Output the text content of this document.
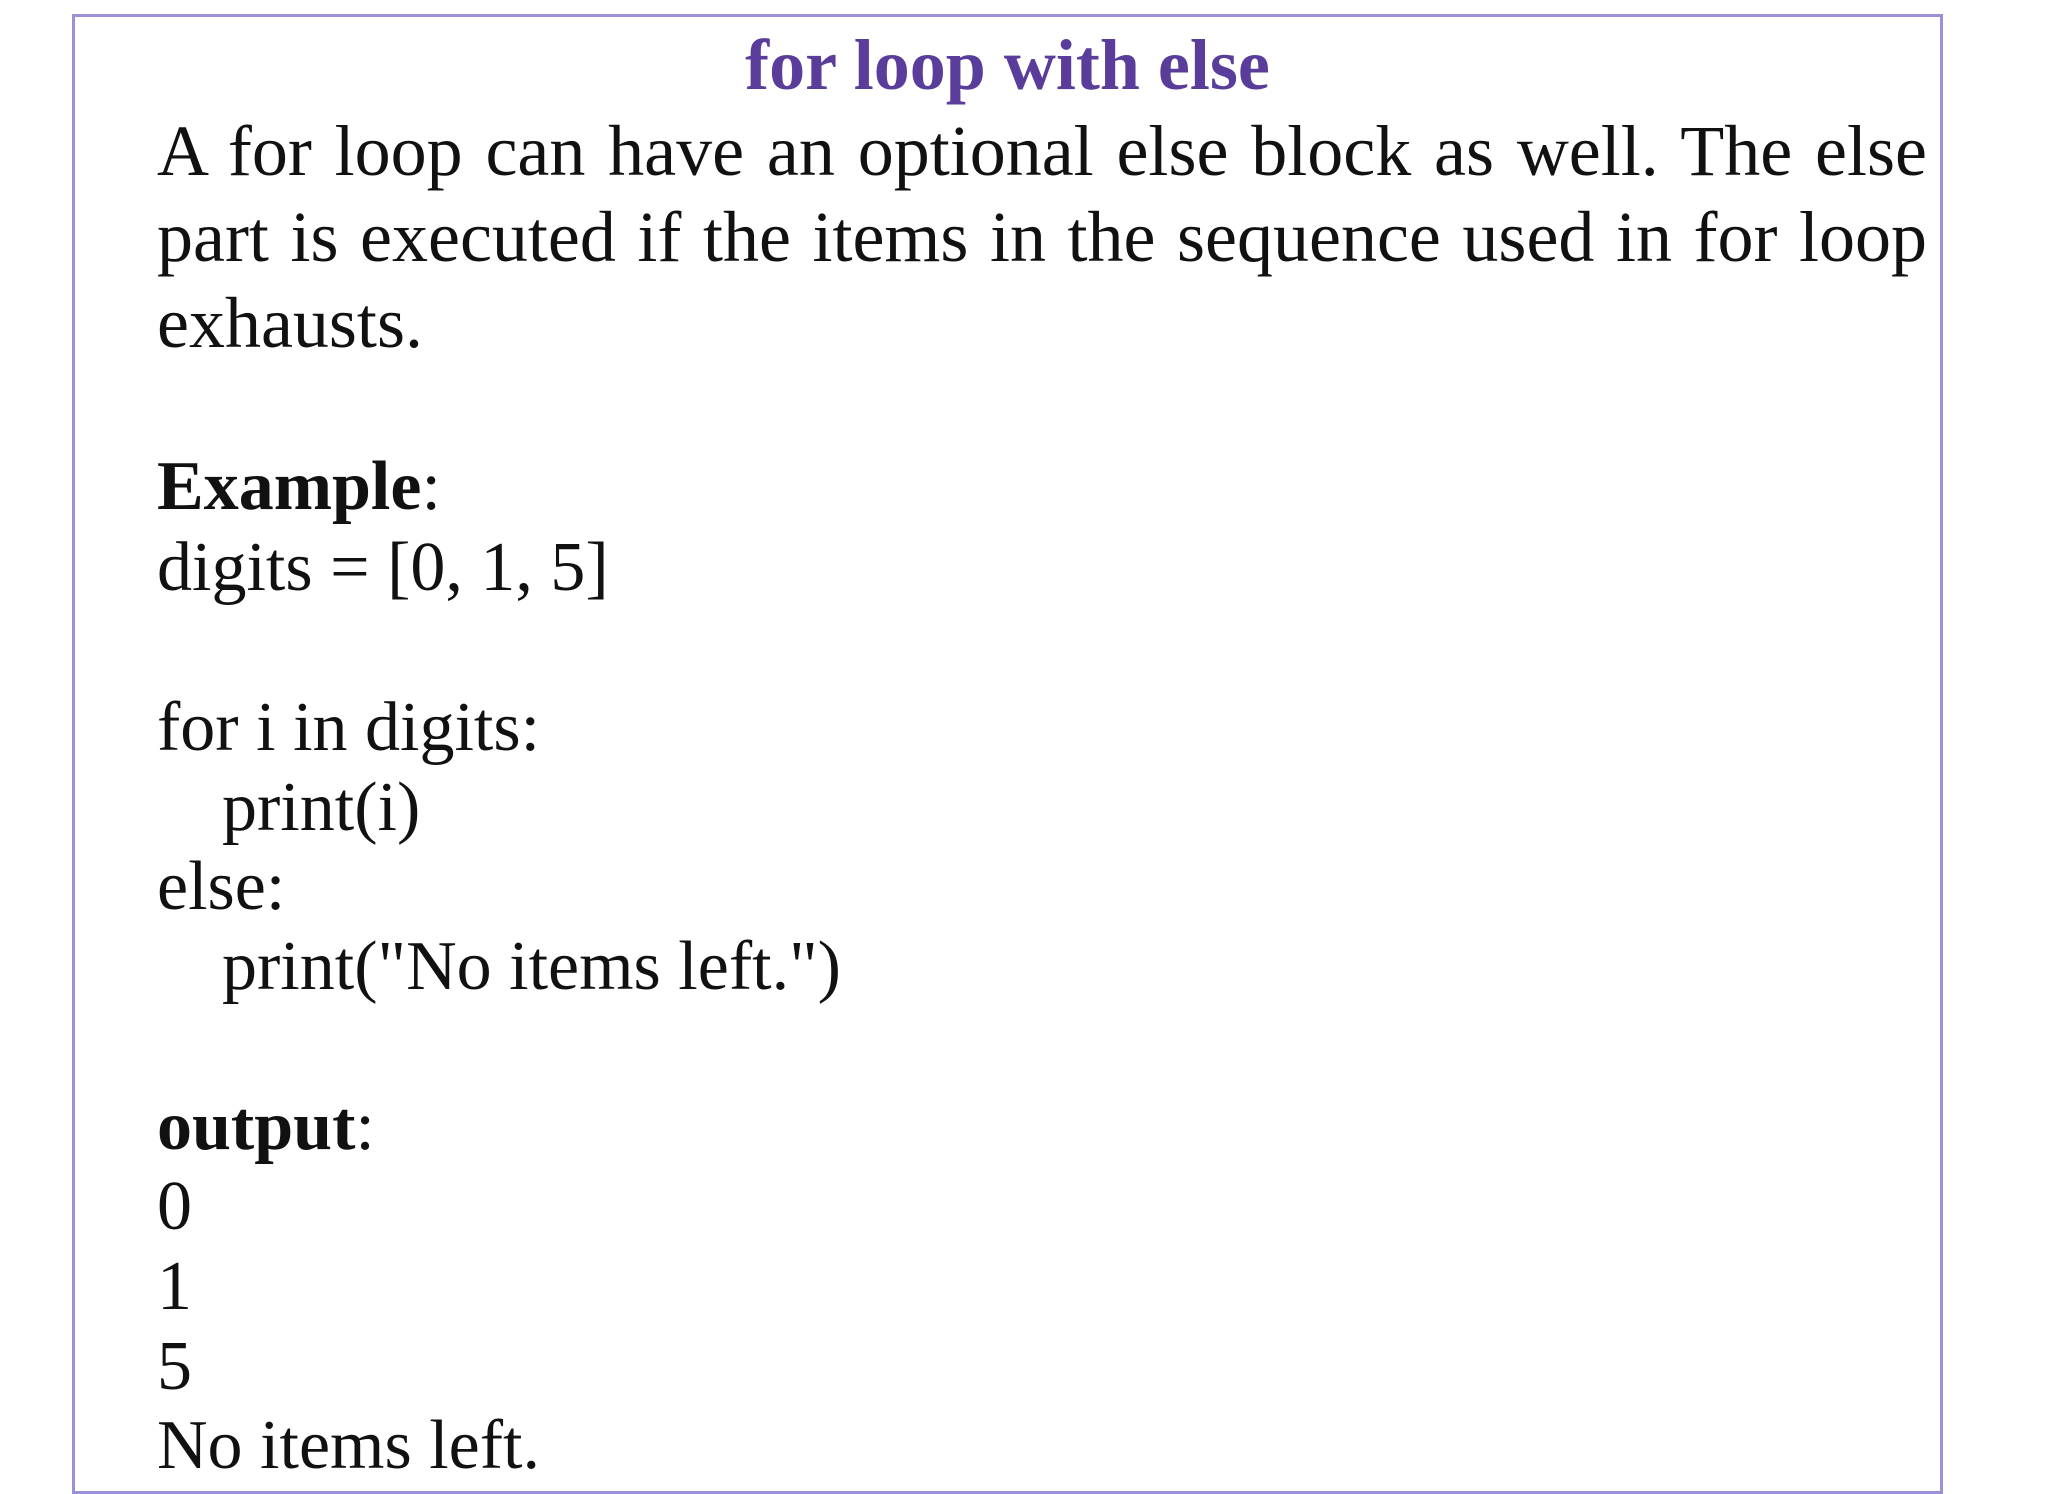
for loop with else

A for loop can have an optional else block as well. The else part is executed if the items in the sequence used in for loop exhausts.

Example:

digits = [0, 1, 5]

for i in digits:

print(i)

else:

print("No items left.")

output:

0

1

5

No items left.
